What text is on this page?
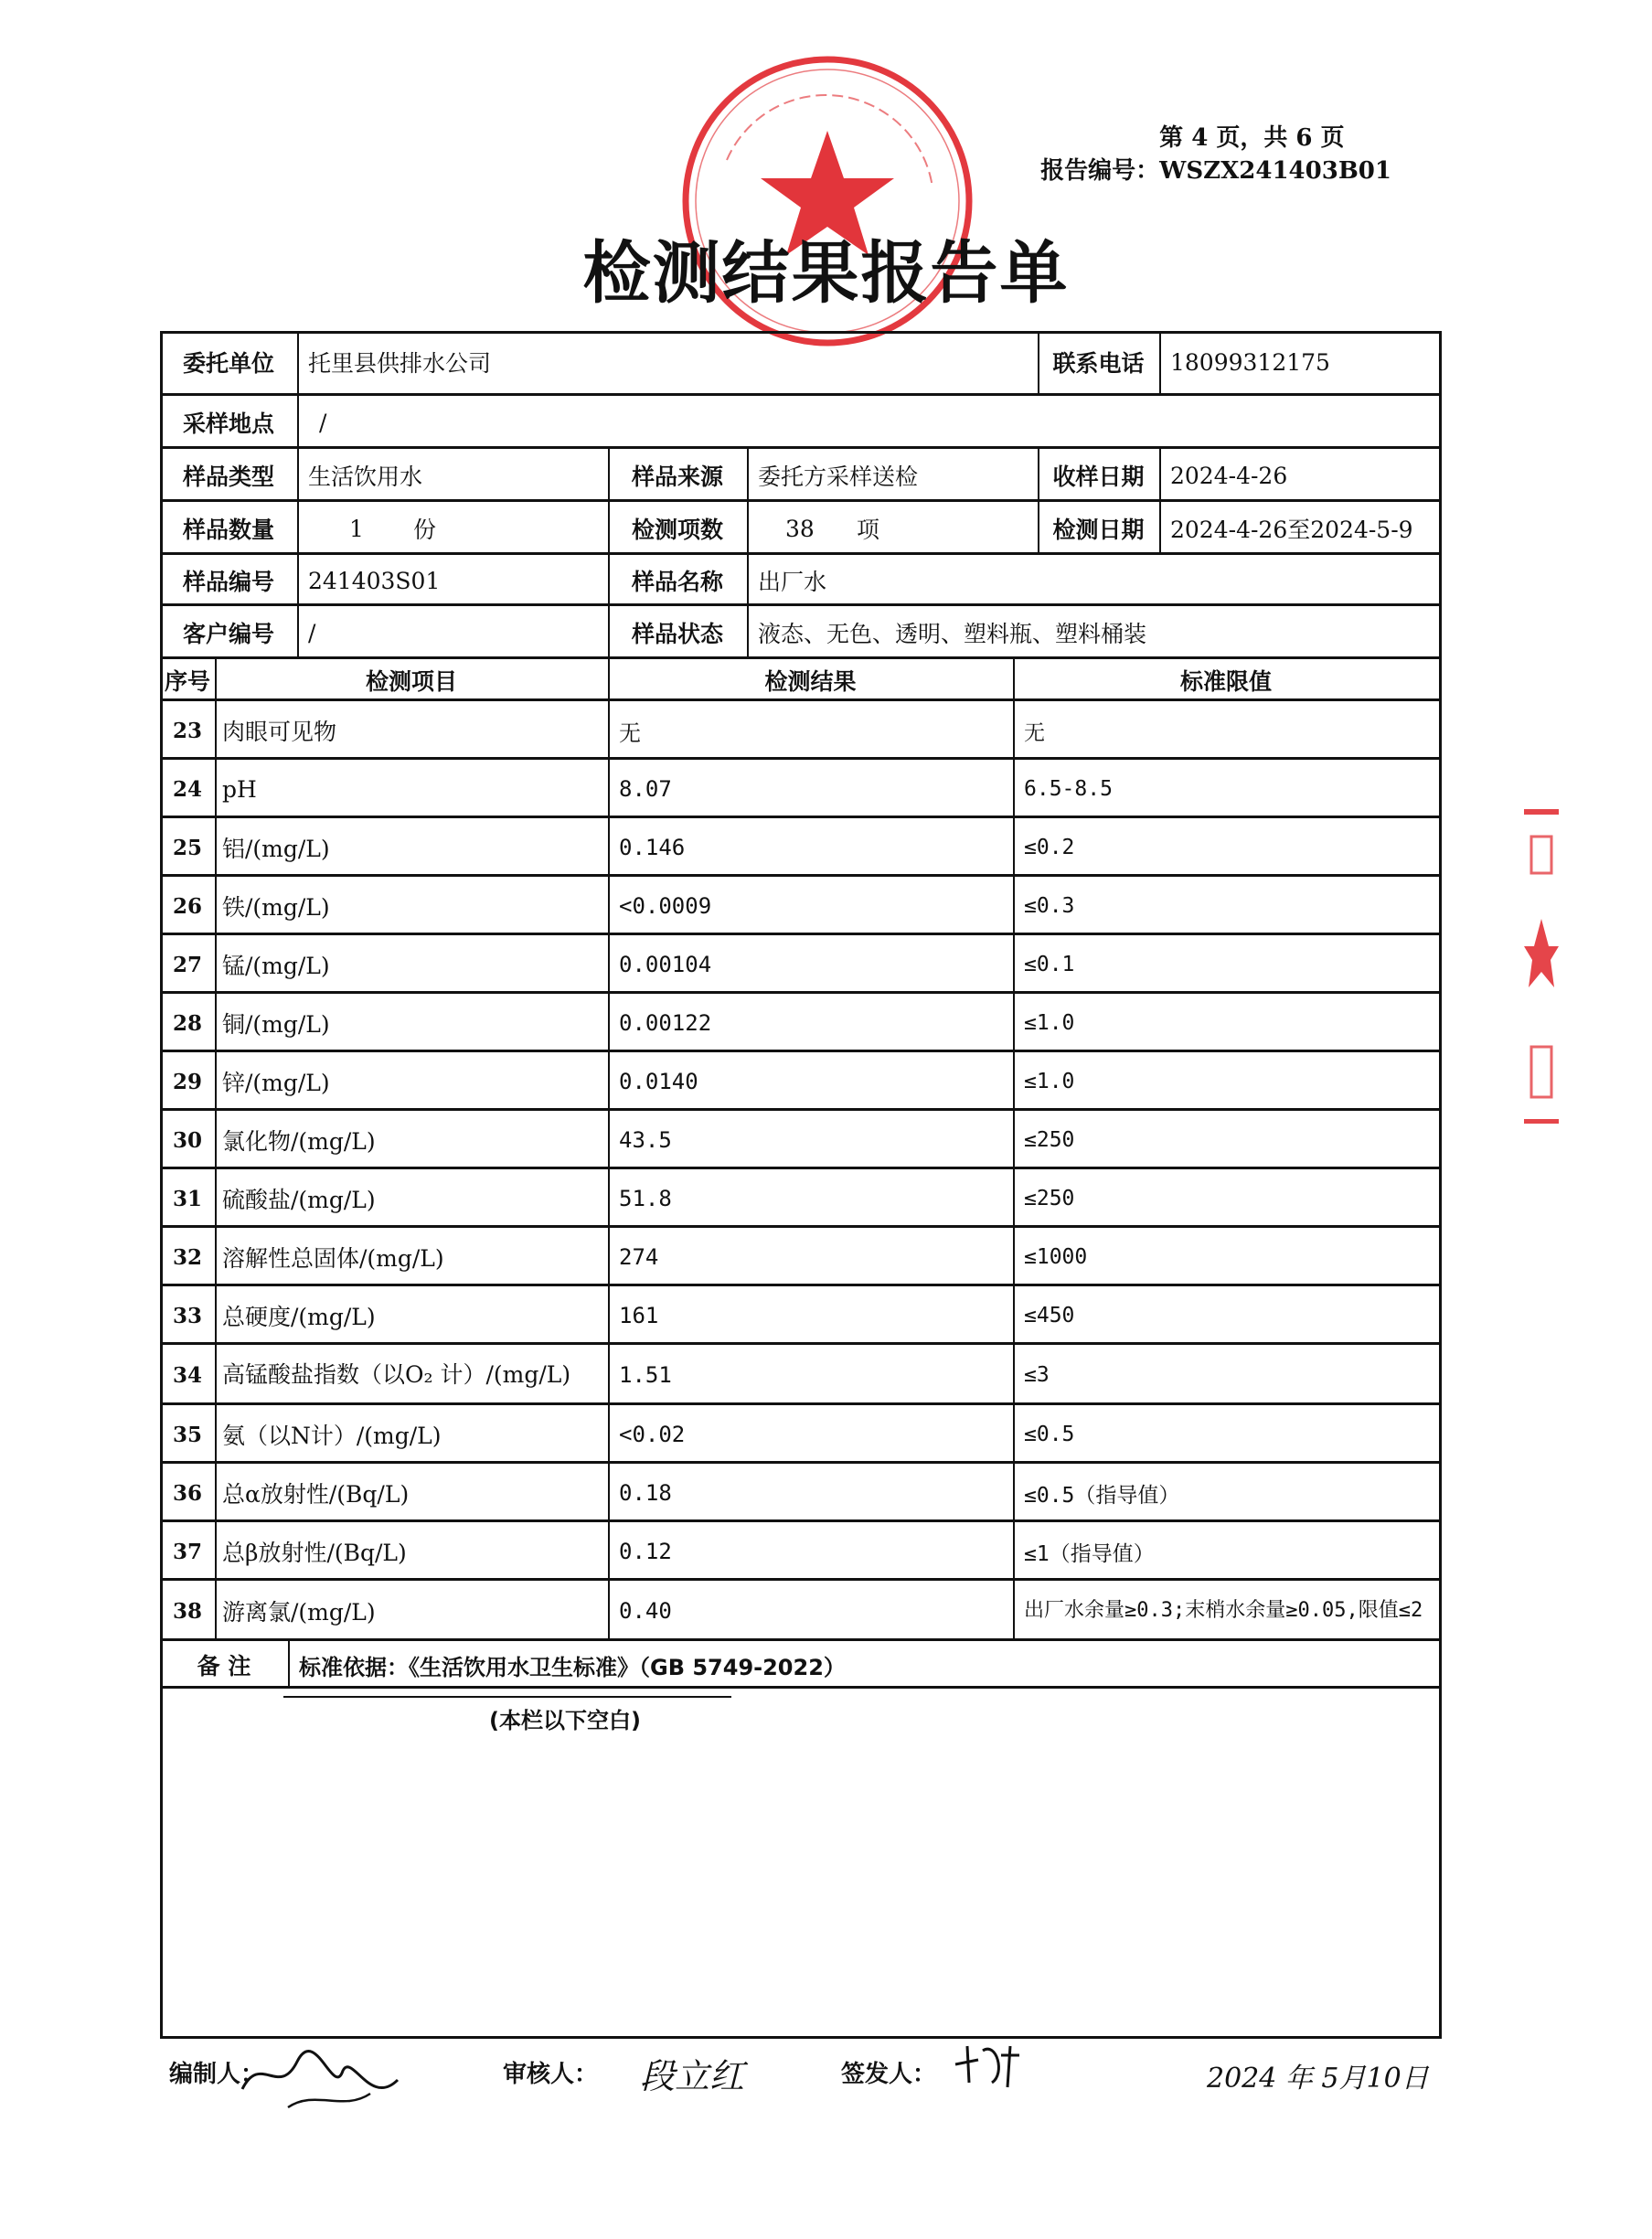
第 4 页，共 6 页
报告编号：WSZX241403B01
检测结果报告单
委托单位	托里县供排水公司	联系电话	18099312175
采样地点	/
样品类型	生活饮用水	样品来源	委托方采样送检	收样日期	2024-4-26
样品数量	1	份	检测项数	38	项	检测日期	2024-4-26至2024-5-9
样品编号	241403S01	样品名称	出厂水
客户编号	/	样品状态	液态、无色、透明、塑料瓶、塑料桶装
序号	检测项目	检测结果	标准限值
23 肉眼可见物	无	无
24 pH	8.07	6.5-8.5
25 铝/(mg/L)	0.146	≤0.2
26 铁/(mg/L)	<0.0009	≤0.3
27 锰/(mg/L)	0.00104	≤0.1
28 铜/(mg/L)	0.00122	≤1.0
29 锌/(mg/L)	0.0140	≤1.0
30 氯化物/(mg/L)	43.5	≤250
31 硫酸盐/(mg/L)	51.8	≤250
32 溶解性总固体/(mg/L)	274	≤1000
33 总硬度/(mg/L)	161	≤450
34 高锰酸盐指数（以O₂ 计）/(mg/L)	1.51	≤3
35 氨（以N计）/(mg/L)	<0.02	≤0.5
36 总α放射性/(Bq/L)	0.18	≤0.5（指导值）
37 总β放射性/(Bq/L)	0.12	≤1（指导值）
38 游离氯/(mg/L)	0.40	出厂水余量≥0.3;末梢水余量≥0.05,限值≤2
备 注	标准依据：《生活饮用水卫生标准》（GB 5749-2022）
(本栏以下空白)
编制人：	审核人： 段立红	签发人：	2024 年 5月10日
